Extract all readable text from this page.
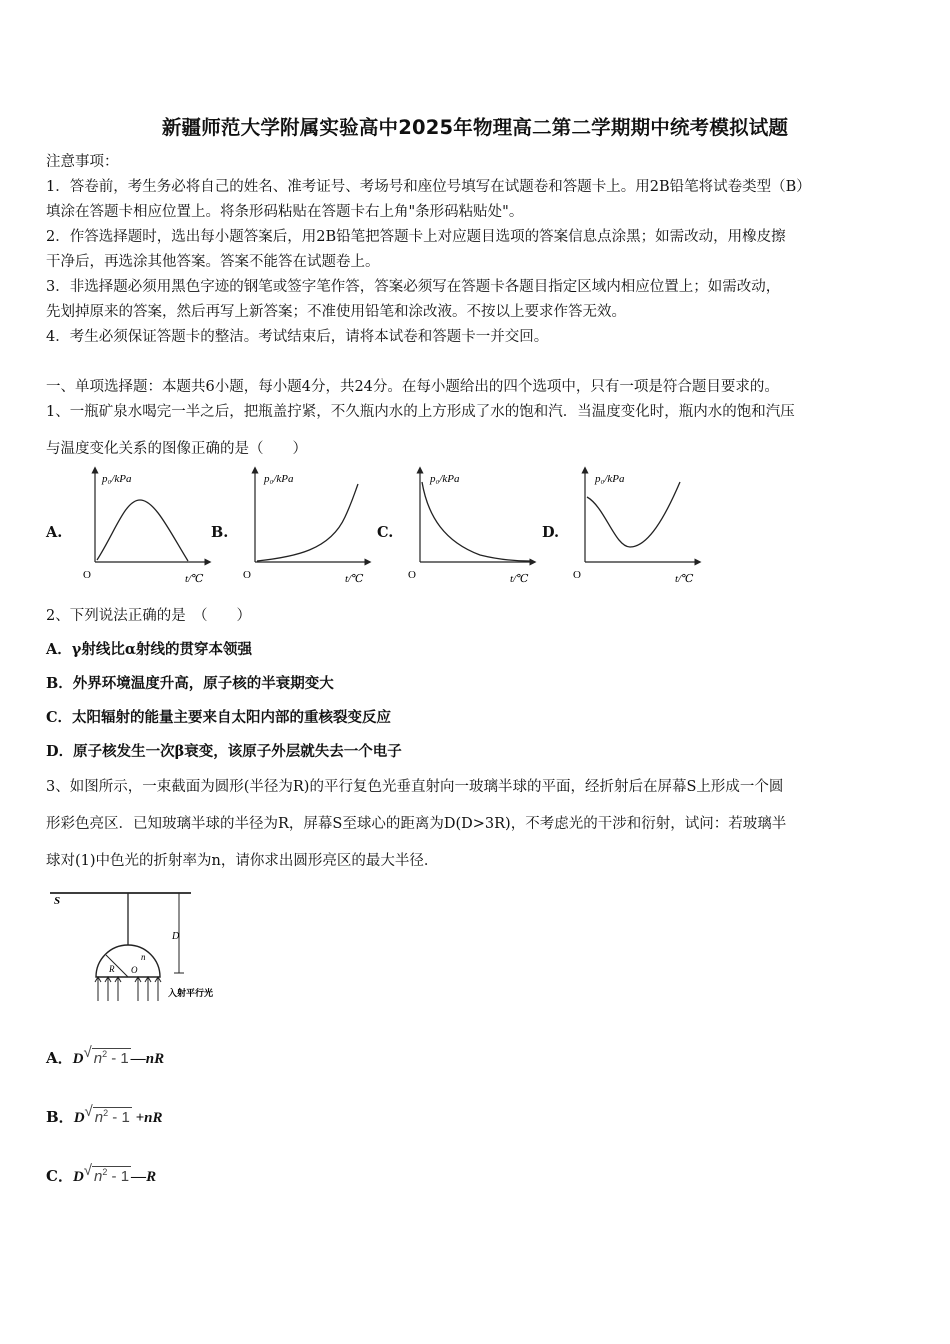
新疆师范大学附属实验高中2025年物理高二第二学期期中统考模拟试题
注意事项：
1．答卷前，考生务必将自己的姓名、准考证号、考场号和座位号填写在试题卷和答题卡上。用2B铅笔将试卷类型（B）
填涂在答题卡相应位置上。将条形码粘贴在答题卡右上角"条形码粘贴处"。
2．作答选择题时，选出每小题答案后，用2B铅笔把答题卡上对应题目选项的答案信息点涂黑；如需改动，用橡皮擦
干净后，再选涂其他答案。答案不能答在试题卷上。
3．非选择题必须用黑色字迹的钢笔或签字笔作答，答案必须写在答题卡各题目指定区域内相应位置上；如需改动，
先划掉原来的答案，然后再写上新答案；不准使用铅笔和涂改液。不按以上要求作答无效。
4．考生必须保证答题卡的整洁。考试结束后，请将本试卷和答题卡一并交回。
一、单项选择题：本题共6小题，每小题4分，共24分。在每小题给出的四个选项中，只有一项是符合题目要求的。
1、一瓶矿泉水喝完一半之后，把瓶盖拧紧，不久瓶内水的上方形成了水的饱和汽．当温度变化时，瓶内水的饱和汽压
与温度变化关系的图像正确的是（　　）
A.	B.	C.	D.
p₀/kPa
O	t/℃
p₀/kPa
O	t/℃
p₀/kPa
O	t/℃
p₀/kPa
O	t/℃
2、下列说法正确的是　（　　）
A．γ射线比α射线的贯穿本领强
B．外界环境温度升高，原子核的半衰期变大
C．太阳辐射的能量主要来自太阳内部的重核裂变反应
D．原子核发生一次β衰变，该原子外层就失去一个电子
3、如图所示，一束截面为圆形(半径为R)的平行复色光垂直射向一玻璃半球的平面，经折射后在屏幕S上形成一个圆
形彩色亮区．已知玻璃半球的半径为R，屏幕S至球心的距离为D(D>3R)，不考虑光的干涉和衍射，试问：若玻璃半
球对(1)中色光的折射率为n，请你求出圆形亮区的最大半径．
S
D
R O
n
入射平行光
A．D√ $n^2 - 1$ —nR
B．D√ $n^2 - 1 +nR$
C．D√ $n^2 - 1$ —R
